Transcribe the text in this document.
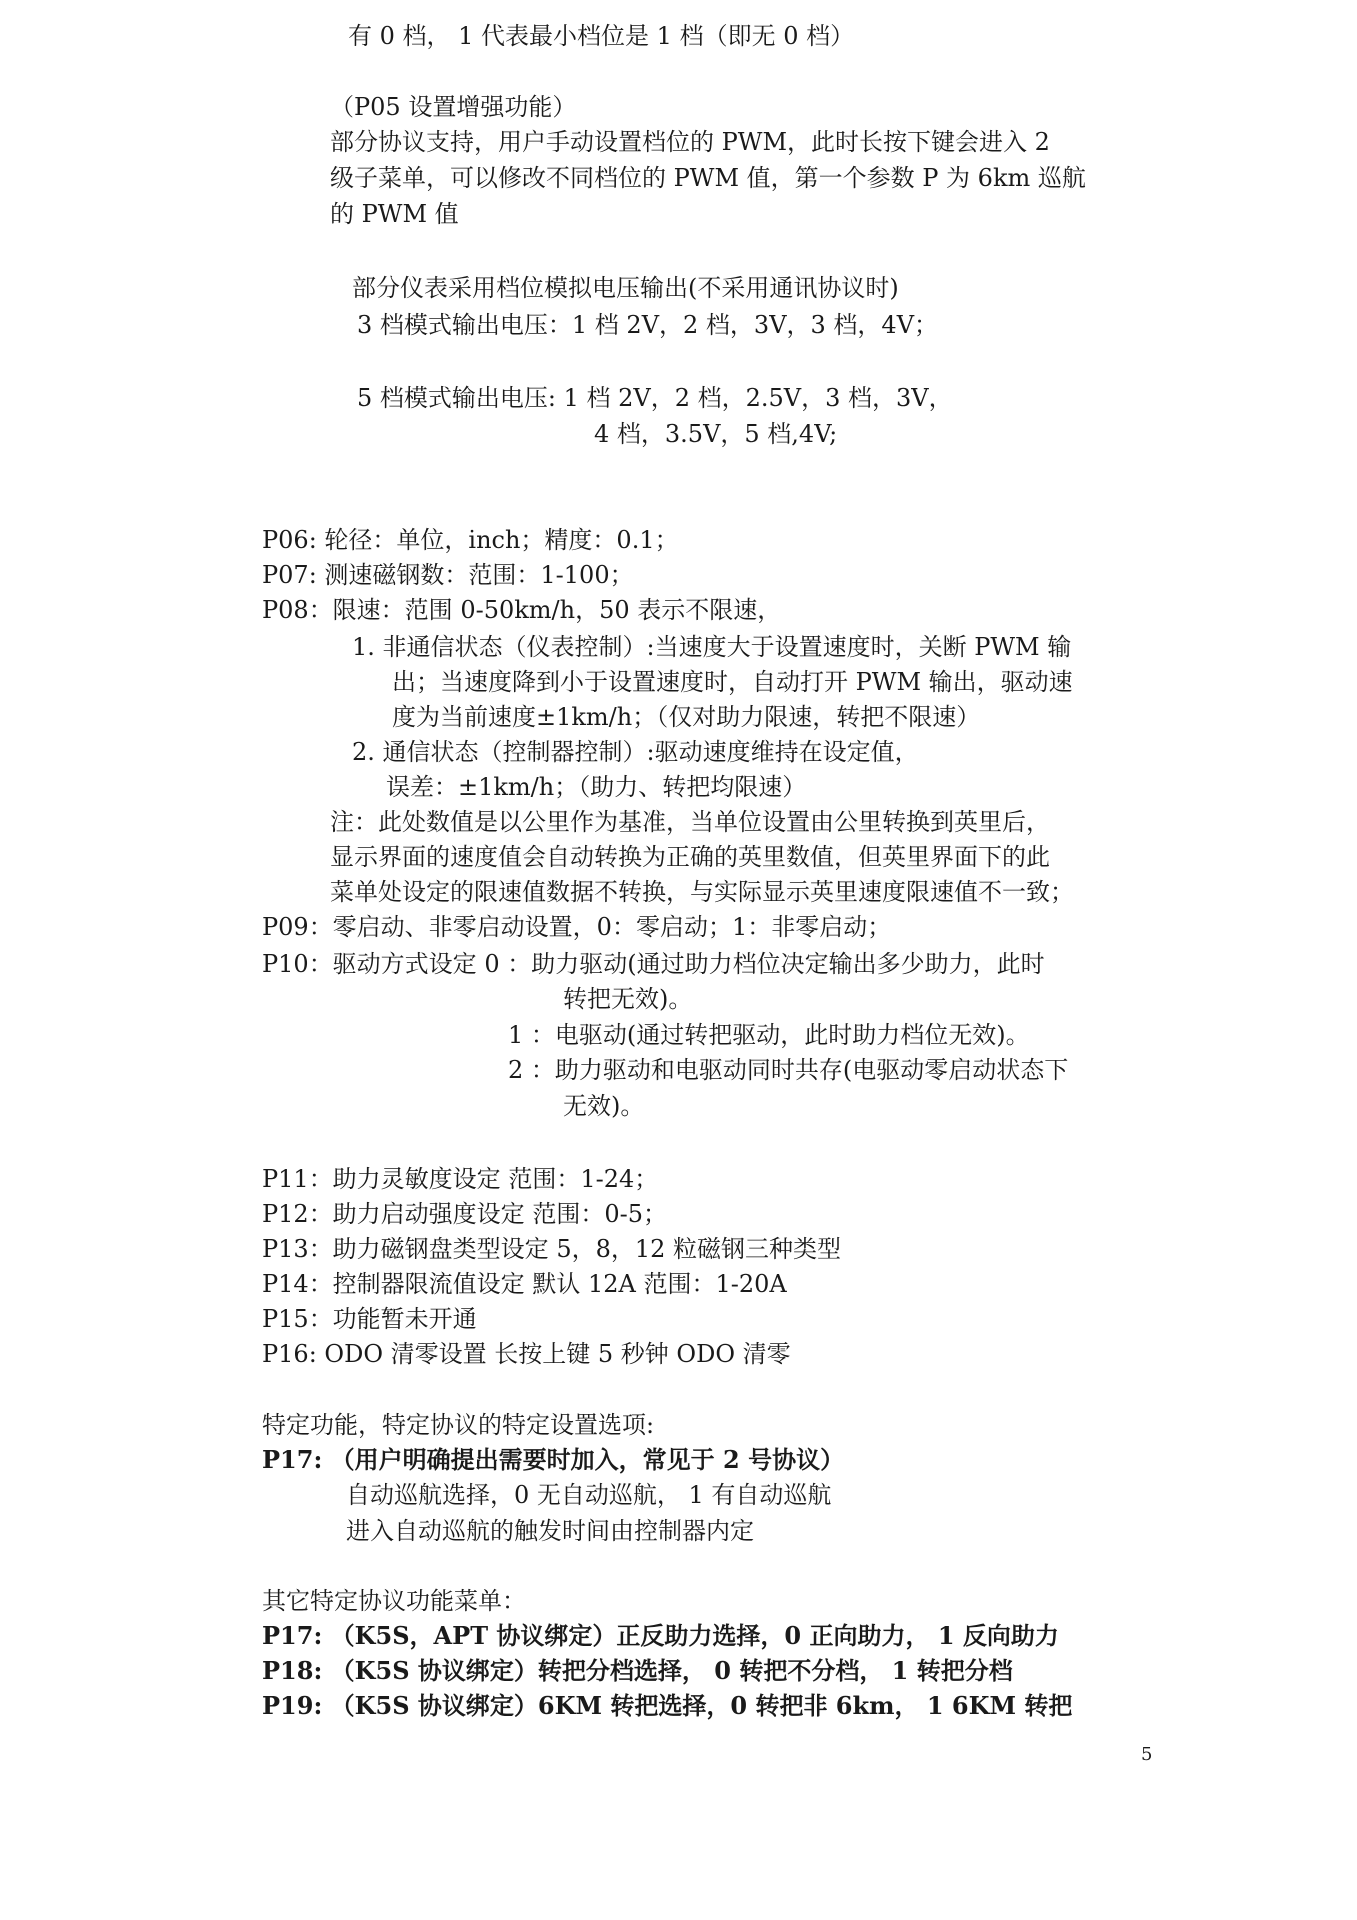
有 0 档， 1 代表最小档位是 1 档（即无 0 档）
（P05 设置增强功能）
部分协议支持，用户手动设置档位的 PWM，此时长按下键会进入 2
级子菜单，可以修改不同档位的 PWM 值，第一个参数 P 为 6km 巡航
的 PWM 值
部分仪表采用档位模拟电压输出(不采用通讯协议时)
3 档模式输出电压：1 档 2V，2 档，3V，3 档，4V；
5 档模式输出电压: 1 档 2V，2 档，2.5V，3 档，3V，
4 档，3.5V，5 档,4V;
P06: 轮径：单位，inch；精度：0.1；
P07: 测速磁钢数：范围：1-100；
P08：限速：范围 0-50km/h，50 表示不限速，
1. 非通信状态（仪表控制）:当速度大于设置速度时，关断 PWM 输
出；当速度降到小于设置速度时，自动打开 PWM 输出，驱动速
度为当前速度±1km/h；（仅对助力限速，转把不限速）
2. 通信状态（控制器控制）:驱动速度维持在设定值，
误差：±1km/h；（助力、转把均限速）
注：此处数值是以公里作为基准，当单位设置由公里转换到英里后，
显示界面的速度值会自动转换为正确的英里数值，但英里界面下的此
菜单处设定的限速值数据不转换，与实际显示英里速度限速值不一致；
P09：零启动、非零启动设置，0：零启动；1：非零启动；
P10：驱动方式设定 0 ：助力驱动(通过助力档位决定输出多少助力，此时
转把无效)。
1 ：电驱动(通过转把驱动，此时助力档位无效)。
2 ：助力驱动和电驱动同时共存(电驱动零启动状态下
无效)。
P11：助力灵敏度设定 范围：1-24；
P12：助力启动强度设定 范围：0-5；
P13：助力磁钢盘类型设定 5，8，12 粒磁钢三种类型
P14：控制器限流值设定 默认 12A 范围：1-20A
P15：功能暂未开通
P16: ODO 清零设置 长按上键 5 秒钟 ODO 清零
特定功能，特定协议的特定设置选项:
P17: （用户明确提出需要时加入，常见于 2 号协议）
自动巡航选择，0 无自动巡航， 1 有自动巡航
进入自动巡航的触发时间由控制器内定
其它特定协议功能菜单：
P17: （K5S，APT 协议绑定）正反助力选择，0 正向助力， 1 反向助力
P18: （K5S 协议绑定）转把分档选择， 0 转把不分档， 1 转把分档
P19: （K5S 协议绑定）6KM 转把选择，0 转把非 6km， 1 6KM 转把
5
